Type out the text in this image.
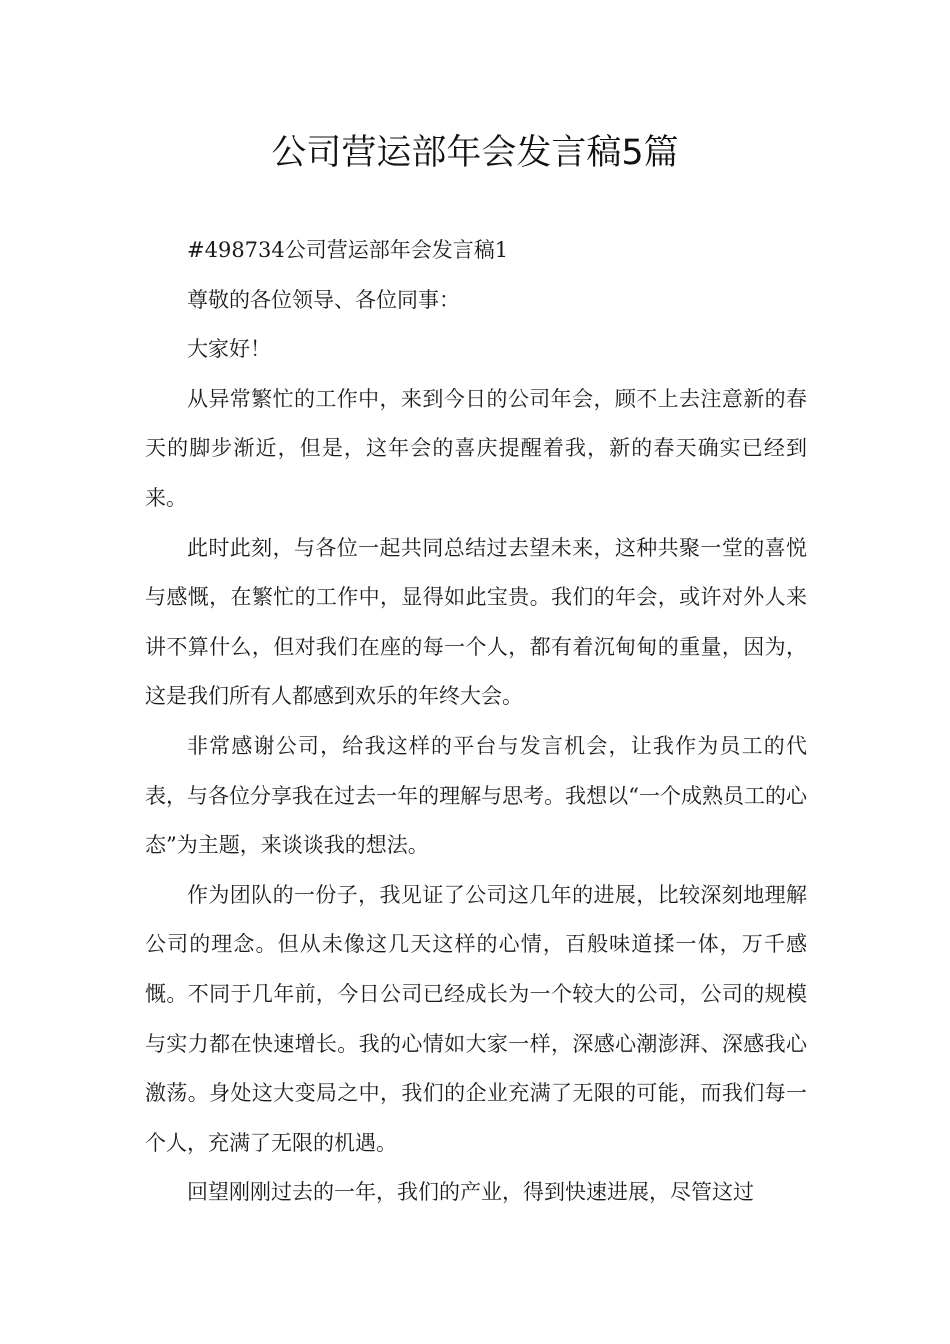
公司营运部年会发言稿5篇

#498734公司营运部年会发言稿1

尊敬的各位领导、各位同事：

大家好！

从异常繁忙的工作中，来到今日的公司年会，顾不上去注意新的春天的脚步渐近，但是，这年会的喜庆提醒着我，新的春天确实已经到来。

此时此刻，与各位一起共同总结过去望未来，这种共聚一堂的喜悦与感慨，在繁忙的工作中，显得如此宝贵。我们的年会，或许对外人来讲不算什么，但对我们在座的每一个人，都有着沉甸甸的重量，因为，这是我们所有人都感到欢乐的年终大会。

非常感谢公司，给我这样的平台与发言机会，让我作为员工的代表，与各位分享我在过去一年的理解与思考。我想以“一个成熟员工的心态”为主题，来谈谈我的想法。

作为团队的一份子，我见证了公司这几年的进展，比较深刻地理解公司的理念。但从未像这几天这样的心情，百般味道揉一体，万千感慨。不同于几年前，今日公司已经成长为一个较大的公司，公司的规模与实力都在快速增长。我的心情如大家一样，深感心潮澎湃、深感我心激荡。身处这大变局之中，我们的企业充满了无限的可能，而我们每一个人，充满了无限的机遇。

回望刚刚过去的一年，我们的产业，得到快速进展，尽管这过
